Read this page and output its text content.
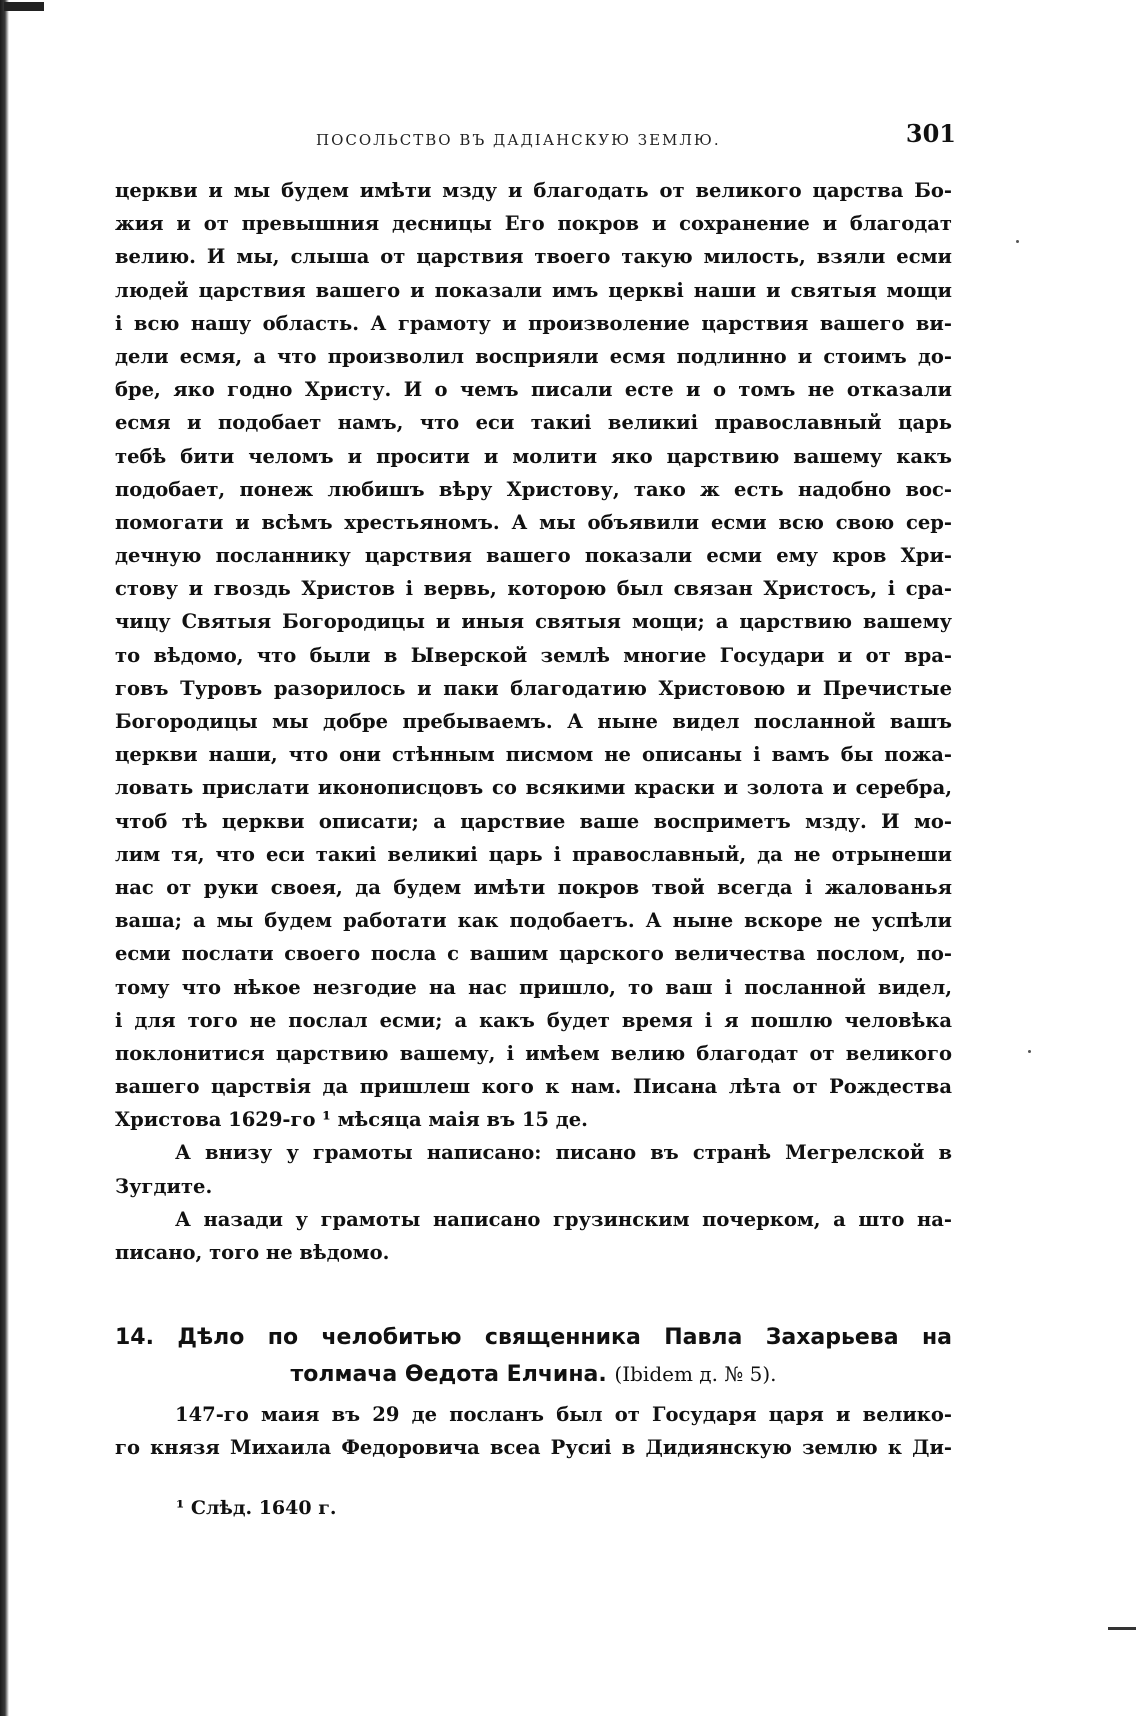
ПОСОЛЬСТВО ВЪ ДАДІАНСКУЮ ЗЕМЛЮ.	301
церкви и мы будем имѣти мзду и благодать от великого царства Бо-
жия и от превышния десницы Его покров и сохранение и благодат
велию. И мы, слыша от царствия твоего такую милость, взяли есми
людей царствия вашего и показали имъ церкві наши и святыя мощи
і всю нашу область. А грамоту и произволение царствия вашего ви-
дели есмя, а что произволил восприяли есмя подлинно и стоимъ до-
бре, яко годно Христу. И о чемъ писали есте и о томъ не отказали
есмя и подобает намъ, что еси такиі великиі православный царь
тебѣ бити челомъ и просити и молити яко царствию вашему какъ
подобает, понеж любишъ вѣру Христову, тако ж есть надобно вос-
помогати и всѣмъ хрестьяномъ. А мы объявили есми всю свою сер-
дечную посланнику царствия вашего показали есми ему кров Хри-
стову и гвоздь Христов і вервь, которою был связан Христосъ, і сра-
чицу Святыя Богородицы и иныя святыя мощи; а царствию вашему
то вѣдомо, что были в Ыверской землѣ многие Государи и от вра-
говъ Туровъ разорилось и паки благодатию Христовою и Пречистые
Богородицы мы добре пребываемъ. А ныне видел посланной вашъ
церкви наши, что они стѣнным писмом не описаны і вамъ бы пожа-
ловать прислати иконописцовъ со всякими краски и золота и серебра,
чтоб тѣ церкви описати; а царствие ваше восприметъ мзду. И мо-
лим тя, что еси такиі великиі царь і православный, да не отрынеши
нас от руки своея, да будем имѣти покров твой всегда і жалованья
ваша; а мы будем работати как подобаетъ. А ныне вскоре не успѣли
есми послати своего посла с вашим царского величества послом, по-
тому что нѣкое незгодие на нас пришло, то ваш і посланной видел,
і для того не послал есми; а какъ будет время і я пошлю человѣка
поклонитися царствию вашему, і имѣем велию благодат от великого
вашего царствія да пришлеш кого к нам. Писана лѣта от Рождества
Христова 1629-го ¹ мѣсяца маія въ 15 де.
А внизу у грамоты написано: писано въ странѣ Мегрелской в
Зугдите.
А назади у грамоты написано грузинским почерком, а што на-
писано, того не вѣдомо.
14. Дѣло по челобитью священника Павла Захарьева на
толмача Ѳедота Елчина. (Ibidem д. № 5).
147-го маия въ 29 де посланъ был от Государя царя и велико-
го князя Михаила Федоровича всеа Русиі в Дидиянскую землю к Ди-
¹ Слѣд. 1640 г.
